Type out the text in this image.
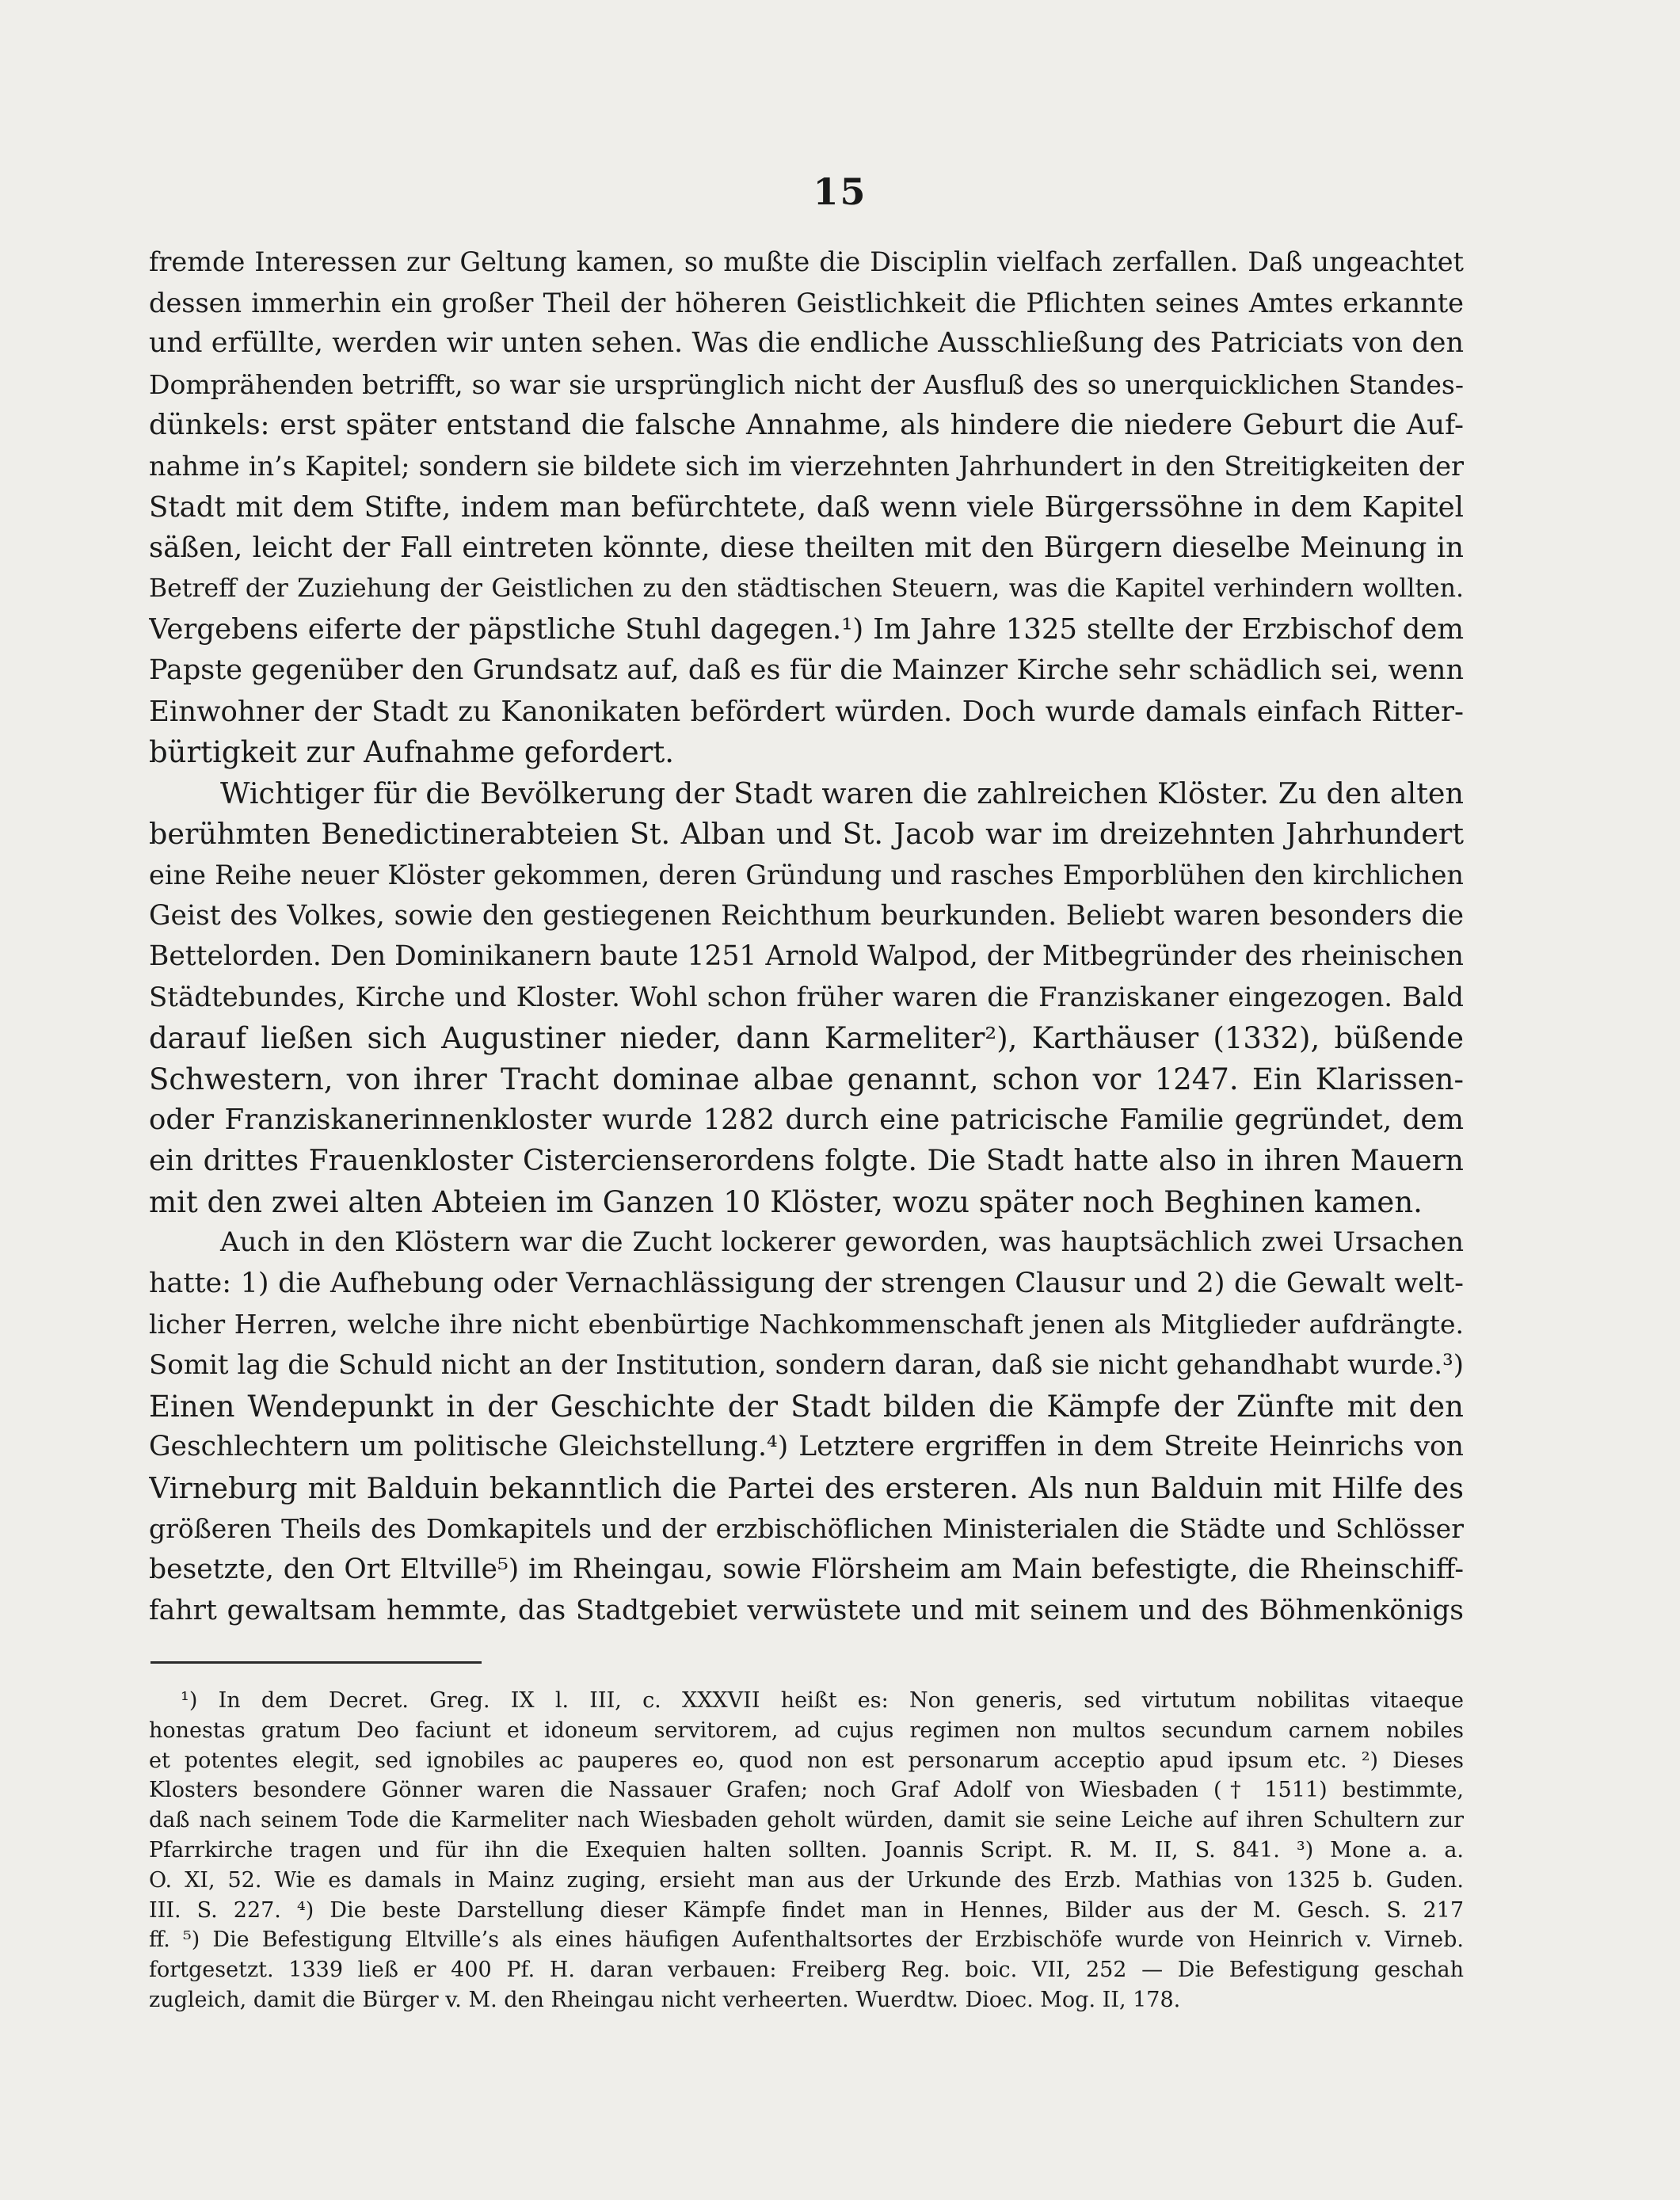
15
fremde Interessen zur Geltung kamen, so mußte die Disciplin vielfach zerfallen. Daß ungeachtet
dessen immerhin ein großer Theil der höheren Geistlichkeit die Pflichten seines Amtes erkannte
und erfüllte, werden wir unten sehen. Was die endliche Ausschließung des Patriciats von den
Domprähenden betrifft, so war sie ursprünglich nicht der Ausfluß des so unerquicklichen Standes-
dünkels: erst später entstand die falsche Annahme, als hindere die niedere Geburt die Auf-
nahme in’s Kapitel; sondern sie bildete sich im vierzehnten Jahrhundert in den Streitigkeiten der
Stadt mit dem Stifte, indem man befürchtete, daß wenn viele Bürgerssöhne in dem Kapitel
säßen, leicht der Fall eintreten könnte, diese theilten mit den Bürgern dieselbe Meinung in
Betreff der Zuziehung der Geistlichen zu den städtischen Steuern, was die Kapitel verhindern wollten.
Vergebens eiferte der päpstliche Stuhl dagegen.¹) Im Jahre 1325 stellte der Erzbischof dem
Papste gegenüber den Grundsatz auf, daß es für die Mainzer Kirche sehr schädlich sei, wenn
Einwohner der Stadt zu Kanonikaten befördert würden. Doch wurde damals einfach Ritter-
bürtigkeit zur Aufnahme gefordert.
Wichtiger für die Bevölkerung der Stadt waren die zahlreichen Klöster. Zu den alten
berühmten Benedictinerabteien St. Alban und St. Jacob war im dreizehnten Jahrhundert
eine Reihe neuer Klöster gekommen, deren Gründung und rasches Emporblühen den kirchlichen
Geist des Volkes, sowie den gestiegenen Reichthum beurkunden. Beliebt waren besonders die
Bettelorden. Den Dominikanern baute 1251 Arnold Walpod, der Mitbegründer des rheinischen
Städtebundes, Kirche und Kloster. Wohl schon früher waren die Franziskaner eingezogen. Bald
darauf ließen sich Augustiner nieder, dann Karmeliter²), Karthäuser (1332), büßende
Schwestern, von ihrer Tracht dominae albae genannt, schon vor 1247. Ein Klarissen-
oder Franziskanerinnenkloster wurde 1282 durch eine patricische Familie gegründet, dem
ein drittes Frauenkloster Cistercienserordens folgte. Die Stadt hatte also in ihren Mauern
mit den zwei alten Abteien im Ganzen 10 Klöster, wozu später noch Beghinen kamen.
Auch in den Klöstern war die Zucht lockerer geworden, was hauptsächlich zwei Ursachen
hatte: 1) die Aufhebung oder Vernachlässigung der strengen Clausur und 2) die Gewalt welt-
licher Herren, welche ihre nicht ebenbürtige Nachkommenschaft jenen als Mitglieder aufdrängte.
Somit lag die Schuld nicht an der Institution, sondern daran, daß sie nicht gehandhabt wurde.³)
Einen Wendepunkt in der Geschichte der Stadt bilden die Kämpfe der Zünfte mit den
Geschlechtern um politische Gleichstellung.⁴) Letztere ergriffen in dem Streite Heinrichs von
Virneburg mit Balduin bekanntlich die Partei des ersteren. Als nun Balduin mit Hilfe des
größeren Theils des Domkapitels und der erzbischöflichen Ministerialen die Städte und Schlösser
besetzte, den Ort Eltville⁵) im Rheingau, sowie Flörsheim am Main befestigte, die Rheinschiff-
fahrt gewaltsam hemmte, das Stadtgebiet verwüstete und mit seinem und des Böhmenkönigs
¹) In dem Decret. Greg. IX l. III, c. XXXVII heißt es: Non generis, sed virtutum nobilitas vitaeque
honestas gratum Deo faciunt et idoneum servitorem, ad cujus regimen non multos secundum carnem nobiles
et potentes elegit, sed ignobiles ac pauperes eo, quod non est personarum acceptio apud ipsum etc. ²) Dieses
Klosters besondere Gönner waren die Nassauer Grafen; noch Graf Adolf von Wiesbaden († 1511) bestimmte,
daß nach seinem Tode die Karmeliter nach Wiesbaden geholt würden, damit sie seine Leiche auf ihren Schultern zur
Pfarrkirche tragen und für ihn die Exequien halten sollten. Joannis Script. R. M. II, S. 841. ³) Mone a. a.
O. XI, 52. Wie es damals in Mainz zuging, ersieht man aus der Urkunde des Erzb. Mathias von 1325 b. Guden.
III. S. 227. ⁴) Die beste Darstellung dieser Kämpfe findet man in Hennes, Bilder aus der M. Gesch. S. 217
ff. ⁵) Die Befestigung Eltville’s als eines häufigen Aufenthaltsortes der Erzbischöfe wurde von Heinrich v. Virneb.
fortgesetzt. 1339 ließ er 400 Pf. H. daran verbauen: Freiberg Reg. boic. VII, 252 — Die Befestigung geschah
zugleich, damit die Bürger v. M. den Rheingau nicht verheerten. Wuerdtw. Dioec. Mog. II, 178.
